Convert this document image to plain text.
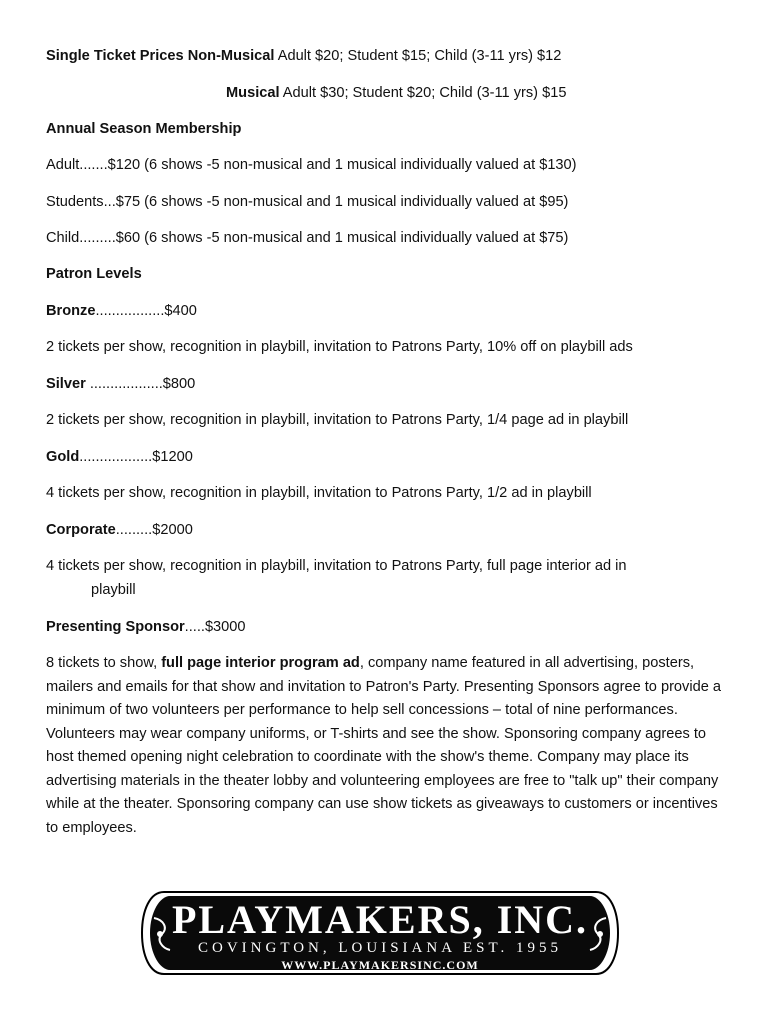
Single Ticket Prices Non-Musical Adult $20; Student $15; Child (3-11 yrs) $12
Musical Adult $30; Student $20; Child (3-11 yrs) $15
Annual Season Membership
Adult.......$120 (6 shows -5 non-musical and 1 musical individually valued at $130)
Students...$75 (6 shows -5 non-musical and 1 musical individually valued at $95)
Child.........$60 (6 shows -5 non-musical and 1 musical individually valued at $75)
Patron Levels
Bronze.................$400
2 tickets per show, recognition in playbill, invitation to Patrons Party, 10% off on playbill ads
Silver ..................$800
2 tickets per show, recognition in playbill, invitation to Patrons Party, 1/4 page ad in playbill
Gold..................$1200
4 tickets per show, recognition in playbill, invitation to Patrons Party, 1/2 ad in playbill
Corporate.........$2000
4 tickets per show, recognition in playbill, invitation to Patrons Party, full page interior ad in
playbill
Presenting Sponsor.....$3000
8 tickets to show, full page interior program ad, company name featured in all advertising, posters, mailers and emails for that show and invitation to Patron's Party. Presenting Sponsors agree to provide a minimum of two volunteers per performance to help sell concessions – total of nine performances. Volunteers may wear company uniforms, or T-shirts and see the show. Sponsoring company agrees to host themed opening night celebration to coordinate with the show's theme. Company may place its advertising materials in the theater lobby and volunteering employees are free to "talk up" their company while at the theater. Sponsoring company can use show tickets as giveaways to customers or incentives to employees.
PLAYMAKERS, INC.
COVINGTON, LOUISIANA EST. 1955
WWW.PLAYMAKERSINC.COM
